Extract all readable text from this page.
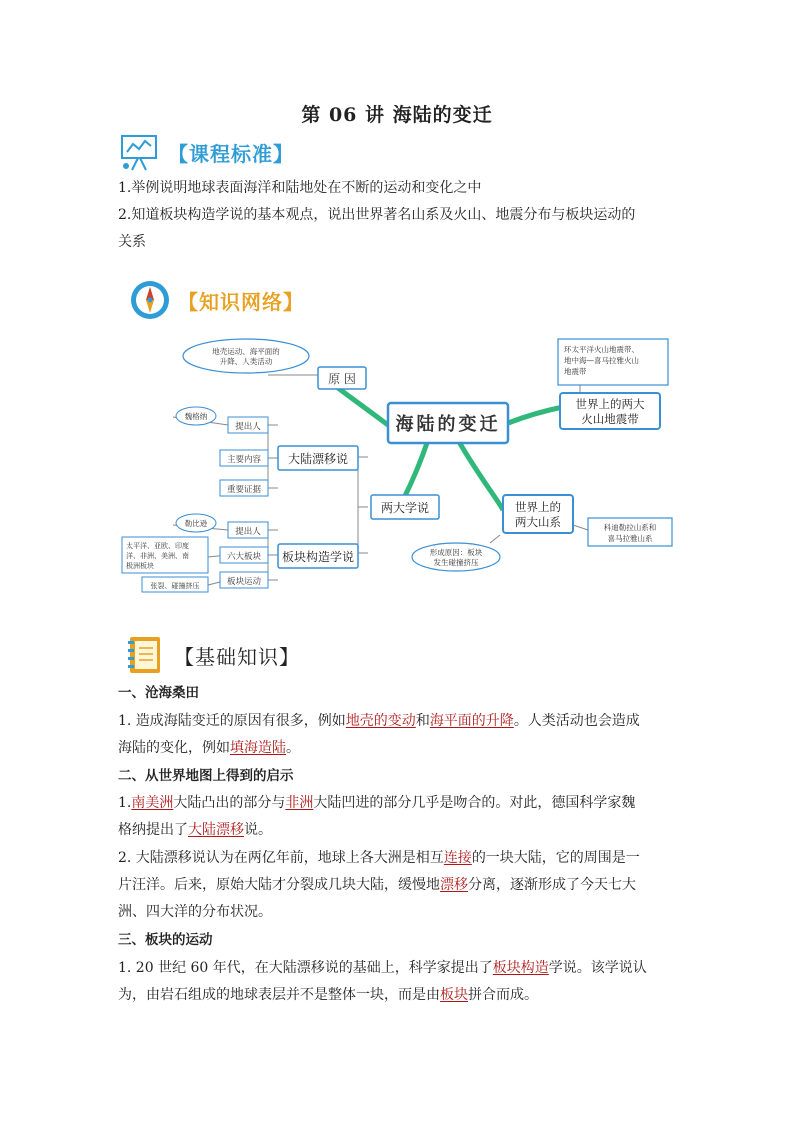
第 06 讲 海陆的变迁
【课程标准】
1.举例说明地球表面海洋和陆地处在不断的运动和变化之中
2.知道板块构造学说的基本观点，说出世界著名山系及火山、地震分布与板块运动的
关系
【知识网络】
海陆的变迁
地壳运动、海平面的
升降、人类活动
原 因
环太平洋火山地震带、
地中海—喜马拉雅火山
地震带
世界上的两大
火山地震带
两大学说	世界上的
两大山系	科迪勒拉山系和
喜马拉雅山系
形成原因：板块
发生碰撞挤压
大陆漂移说
提出人
主要内容
重要证据
魏格纳
板块构造学说
提出人
六大板块
板块运动
勒比逊
太平洋、亚欧、印度
洋、非洲、美洲、南
极洲板块
张裂、碰撞挤压
【基础知识】
一、沧海桑田
1. 造成海陆变迁的原因有很多，例如地壳的变动和海平面的升降。人类活动也会造成
海陆的变化，例如填海造陆。
二、从世界地图上得到的启示
1.南美洲大陆凸出的部分与非洲大陆凹进的部分几乎是吻合的。对此，德国科学家魏
格纳提出了大陆漂移说。
2. 大陆漂移说认为在两亿年前，地球上各大洲是相互连接的一块大陆，它的周围是一
片汪洋。后来，原始大陆才分裂成几块大陆，缓慢地漂移分离，逐渐形成了今天七大
洲、四大洋的分布状况。
三、板块的运动
1. 20 世纪 60 年代，在大陆漂移说的基础上，科学家提出了板块构造学说。该学说认
为，由岩石组成的地球表层并不是整体一块，而是由板块拼合而成。
